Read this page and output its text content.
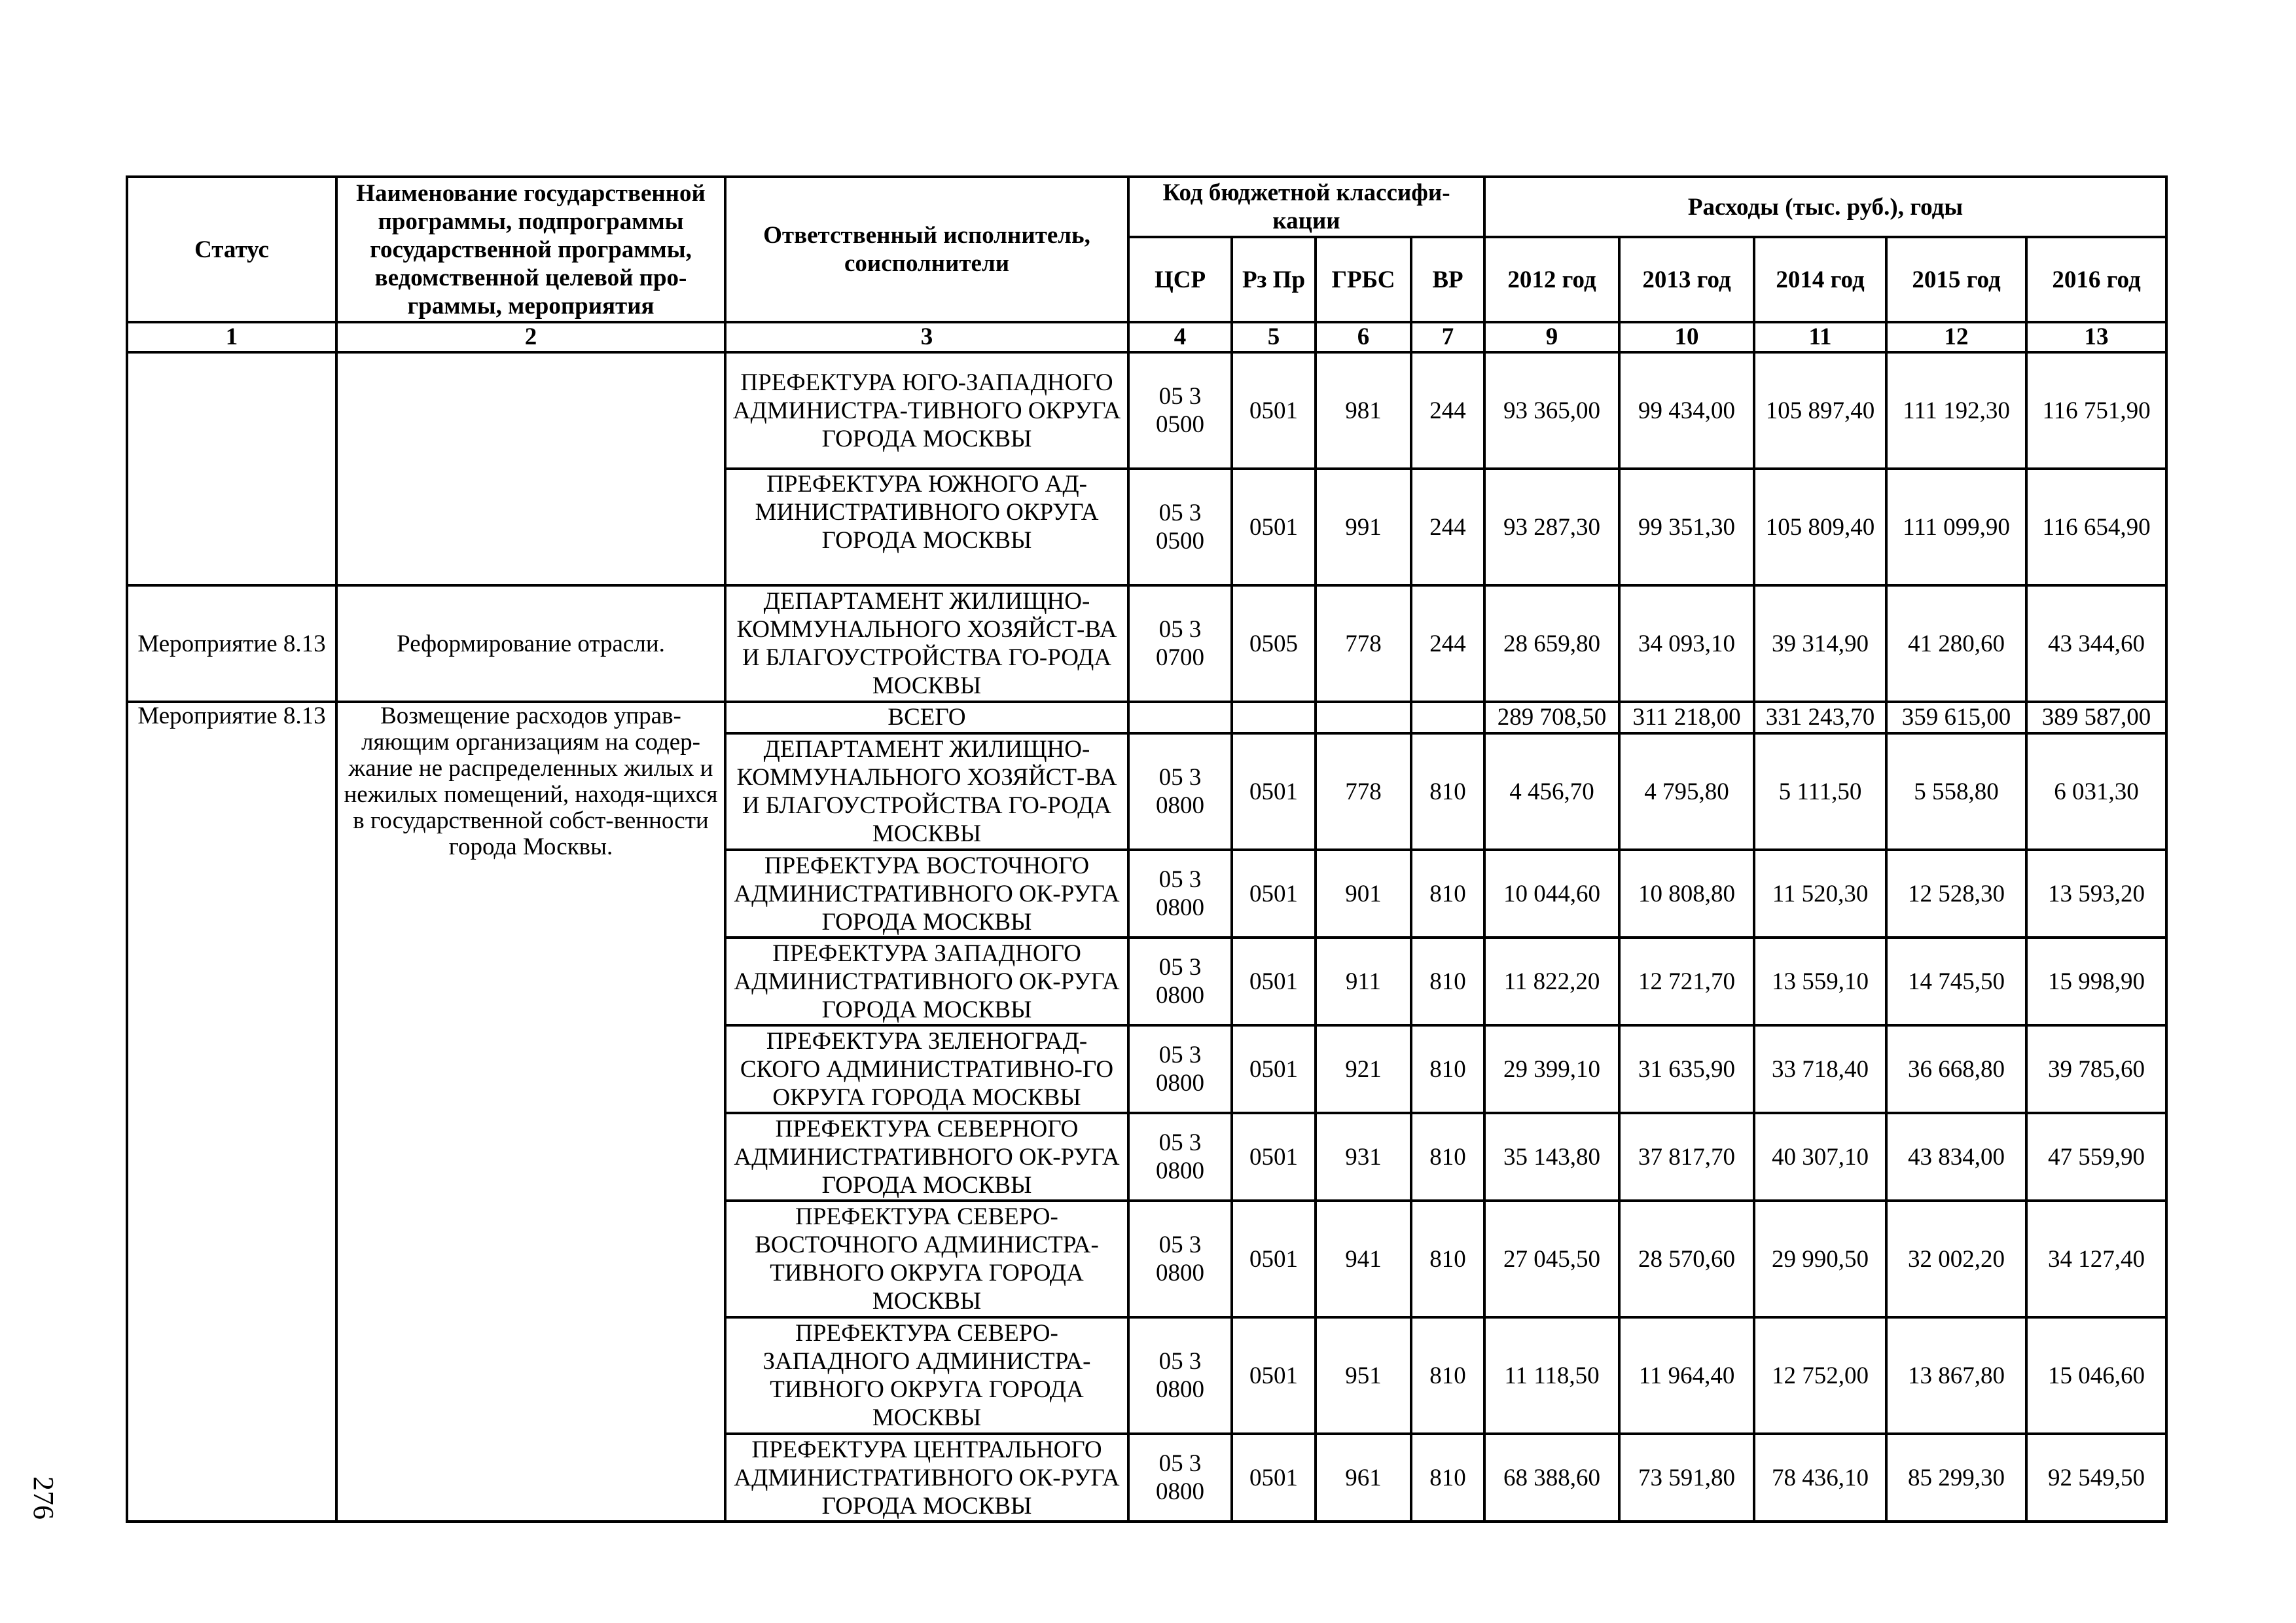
276
Статус	Наименование государственной программы, подпрограммы государственной программы, ведомственной целевой про-граммы, мероприятия	Ответственный исполнитель, соисполнители	Код бюджетной классифи-кации				Расходы (тыс. руб.), годы				
			ЦСР	Рз Пр	ГРБС	ВР	2012 год	2013 год	2014 год	2015 год	2016 год
1	2	3	4	5	6	7	9	10	11	12	13
		ПРЕФЕКТУРА ЮГО-ЗАПАДНОГО АДМИНИСТРА-ТИВНОГО ОКРУГА ГОРОДА МОСКВЫ	05 3 0500	0501	981	244	93 365,00	99 434,00	105 897,40	111 192,30	116 751,90
		ПРЕФЕКТУРА ЮЖНОГО АД-МИНИСТРАТИВНОГО ОКРУГА ГОРОДА МОСКВЫ	05 3 0500	0501	991	244	93 287,30	99 351,30	105 809,40	111 099,90	116 654,90
Мероприятие 8.13	Реформирование отрасли.	ДЕПАРТАМЕНТ ЖИЛИЩНО-КОММУНАЛЬНОГО ХОЗЯЙСТ-ВА И БЛАГОУСТРОЙСТВА ГО-РОДА МОСКВЫ	05 3 0700	0505	778	244	28 659,80	34 093,10	39 314,90	41 280,60	43 344,60
Мероприятие 8.13	Возмещение расходов управ-ляющим организациям на содер-жание не распределенных жилых и нежилых помещений, находя-щихся в государственной собст-венности города Москвы.	ВСЕГО					289 708,50	311 218,00	331 243,70	359 615,00	389 587,00
		ДЕПАРТАМЕНТ ЖИЛИЩНО-КОММУНАЛЬНОГО ХОЗЯЙСТ-ВА И БЛАГОУСТРОЙСТВА ГО-РОДА МОСКВЫ	05 3 0800	0501	778	810	4 456,70	4 795,80	5 111,50	5 558,80	6 031,30
		ПРЕФЕКТУРА ВОСТОЧНОГО АДМИНИСТРАТИВНОГО ОК-РУГА ГОРОДА МОСКВЫ	05 3 0800	0501	901	810	10 044,60	10 808,80	11 520,30	12 528,30	13 593,20
		ПРЕФЕКТУРА ЗАПАДНОГО АДМИНИСТРАТИВНОГО ОК-РУГА ГОРОДА МОСКВЫ	05 3 0800	0501	911	810	11 822,20	12 721,70	13 559,10	14 745,50	15 998,90
		ПРЕФЕКТУРА ЗЕЛЕНОГРАД-СКОГО АДМИНИСТРАТИВНО-ГО ОКРУГА ГОРОДА МОСКВЫ	05 3 0800	0501	921	810	29 399,10	31 635,90	33 718,40	36 668,80	39 785,60
		ПРЕФЕКТУРА СЕВЕРНОГО АДМИНИСТРАТИВНОГО ОК-РУГА ГОРОДА МОСКВЫ	05 3 0800	0501	931	810	35 143,80	37 817,70	40 307,10	43 834,00	47 559,90
		ПРЕФЕКТУРА СЕВЕРО-ВОСТОЧНОГО АДМИНИСТРА-ТИВНОГО ОКРУГА ГОРОДА МОСКВЫ	05 3 0800	0501	941	810	27 045,50	28 570,60	29 990,50	32 002,20	34 127,40
		ПРЕФЕКТУРА СЕВЕРО-ЗАПАДНОГО АДМИНИСТРА-ТИВНОГО ОКРУГА ГОРОДА МОСКВЫ	05 3 0800	0501	951	810	11 118,50	11 964,40	12 752,00	13 867,80	15 046,60
		ПРЕФЕКТУРА ЦЕНТРАЛЬНОГО АДМИНИСТРАТИВНОГО ОК-РУГА ГОРОДА МОСКВЫ	05 3 0800	0501	961	810	68 388,60	73 591,80	78 436,10	85 299,30	92 549,50
